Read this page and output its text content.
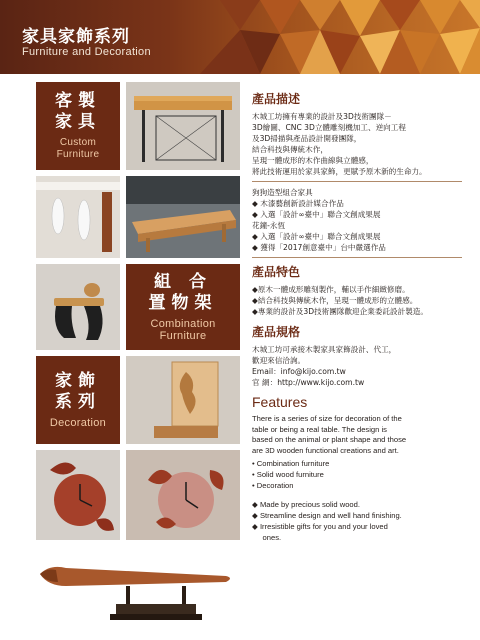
家具家飾系列
Furniture and Decoration
客製
家具
Custom
Furniture
組 合
置物架
Combination
Furniture
家飾
系列
Decoration
產品描述
木城工坊擁有專業的設計及3D技術團隊－
3D繪圖、CNC 3D立體雕刻機加工、逆向工程
及3D掃描與產品設計開發團隊，
結合科技與傳統木作，
呈現一體成形的木作曲線與立體感，
將此技術運用於家具家飾，更賦予原木新的生命力。
狗狗造型組合家具
◆ 木漆藝創新設計媒合作品
◆ 入選「設計∞臺中」聯合文創成果展
花鐘-永恆
◆ 入選「設計∞臺中」聯合文創成果展
◆ 獲得「2017創意臺中」台中嚴選作品
產品特色
◆原木一體成形雕刻製作，輔以手作細緻修磨。
◆結合科技與傳統木作，呈現一體成形的立體感。
◆專業的設計及3D技術團隊歡迎企業委託設計製造。
產品規格
木城工坊可承接木製家具家飾設計、代工，
歡迎來信洽詢。
Email：info@kijo.com.tw
官 網：http://www.kijo.com.tw
Features
There is a series of size for decoration of the
table or being a real table. The design is
based on the animal or plant shape and those
are 3D wooden functional creations and art.
• Combination furniture
• Solid wood furniture
• Decoration
◆ Made by precious solid wood.
◆ Streamline design and well hand finishing.
◆ Irresistible gifts for you and your loved
ones.
